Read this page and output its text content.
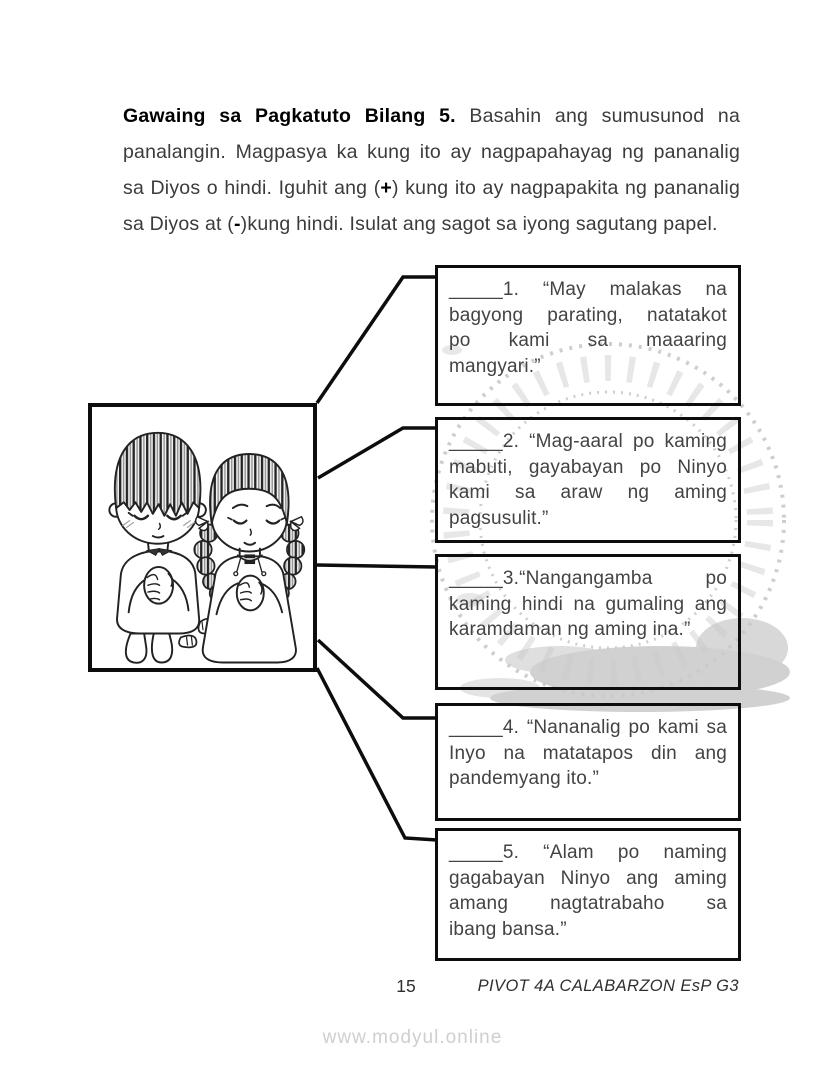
Gawaing sa Pagkatuto Bilang 5. Basahin ang sumusunod na
panalangin. Magpasya ka kung ito ay nagpapahayag ng pananalig
sa Diyos o hindi. Iguhit ang (+) kung ito ay nagpapakita ng pananalig
sa Diyos at (-)kung hindi. Isulat ang sagot sa iyong sagutang papel.
_____1. “May malakas na
bagyong parating, natatakot
po kami sa maaaring
mangyari.”
_____2. “Mag-aaral po kaming
mabuti, gayabayan po Ninyo
kami sa araw ng aming
pagsusulit.”
_____3.“Nangangamba po
kaming hindi na gumaling ang
karamdaman ng aming ina.”
_____4. “Nananalig po kami sa
Inyo na matatapos din ang
pandemyang ito.”
_____5. “Alam po naming
gagabayan Ninyo ang aming
amang nagtatrabaho sa
ibang bansa.”
15	PIVOT 4A CALABARZON EsP G3
www.modyul.online
